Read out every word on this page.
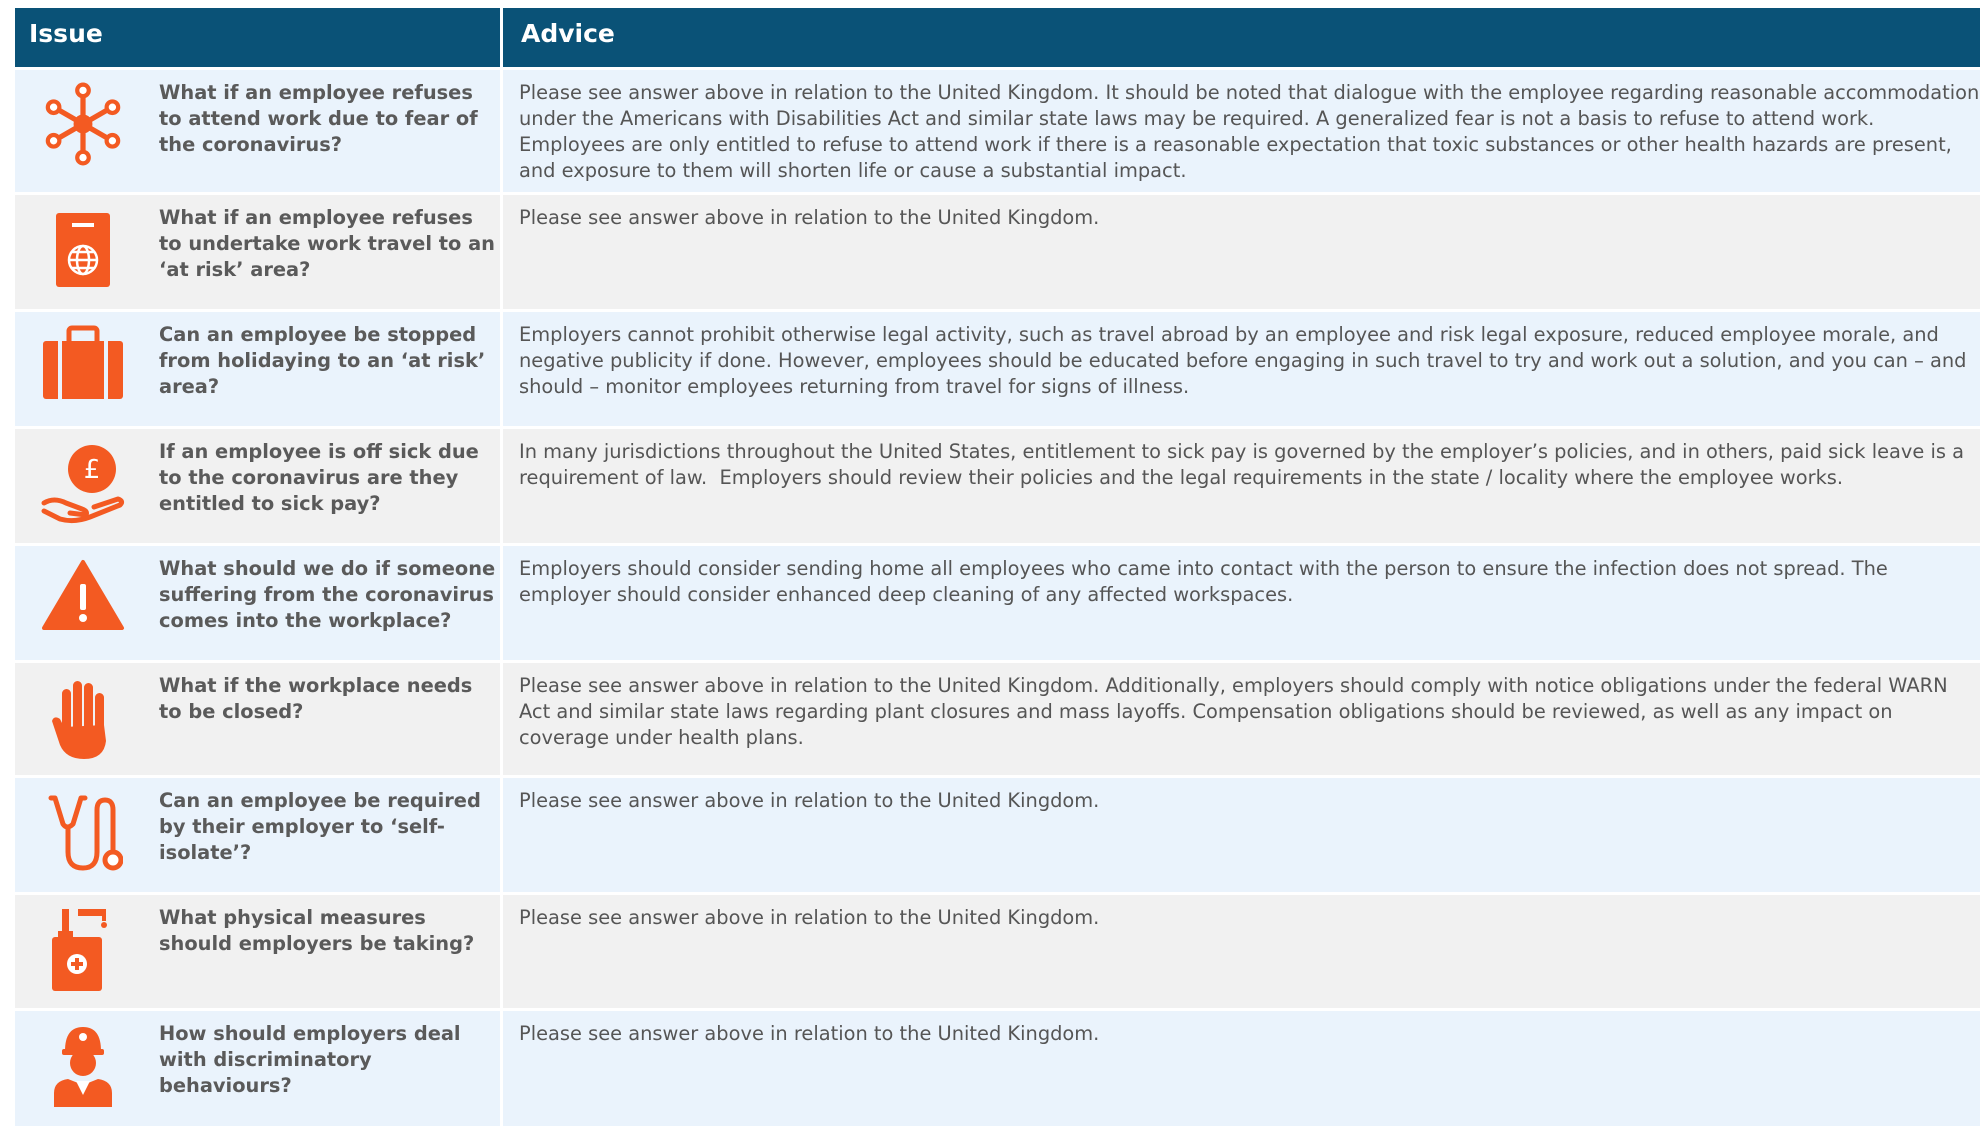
Issue	Advice
What if an employee refuses to attend work due to fear of the coronavirus?
Please see answer above in relation to the United Kingdom. It should be noted that dialogue with the employee regarding reasonable accommodation under the Americans with Disabilities Act and similar state laws may be required. A generalized fear is not a basis to refuse to attend work. Employees are only entitled to refuse to attend work if there is a reasonable expectation that toxic substances or other health hazards are present, and exposure to them will shorten life or cause a substantial impact.
What if an employee refuses to undertake work travel to an ‘at risk’ area?
Please see answer above in relation to the United Kingdom.
Can an employee be stopped from holidaying to an ‘at risk’ area?
Employers cannot prohibit otherwise legal activity, such as travel abroad by an employee and risk legal exposure, reduced employee morale, and negative publicity if done. However, employees should be educated before engaging in such travel to try and work out a solution, and you can – and should – monitor employees returning from travel for signs of illness.
£
If an employee is off sick due to the coronavirus are they entitled to sick pay?
In many jurisdictions throughout the United States, entitlement to sick pay is governed by the employer’s policies, and in others, paid sick leave is a requirement of law.  Employers should review their policies and the legal requirements in the state / locality where the employee works.
What should we do if someone suffering from the coronavirus comes into the workplace?
Employers should consider sending home all employees who came into contact with the person to ensure the infection does not spread. The employer should consider enhanced deep cleaning of any affected workspaces.
What if the workplace needs to be closed?
Please see answer above in relation to the United Kingdom. Additionally, employers should comply with notice obligations under the federal WARN Act and similar state laws regarding plant closures and mass layoffs. Compensation obligations should be reviewed, as well as any impact on coverage under health plans.
Can an employee be required by their employer to ‘self-isolate’?
Please see answer above in relation to the United Kingdom.
What physical measures should employers be taking?
Please see answer above in relation to the United Kingdom.
How should employers deal with discriminatory behaviours?
Please see answer above in relation to the United Kingdom.
